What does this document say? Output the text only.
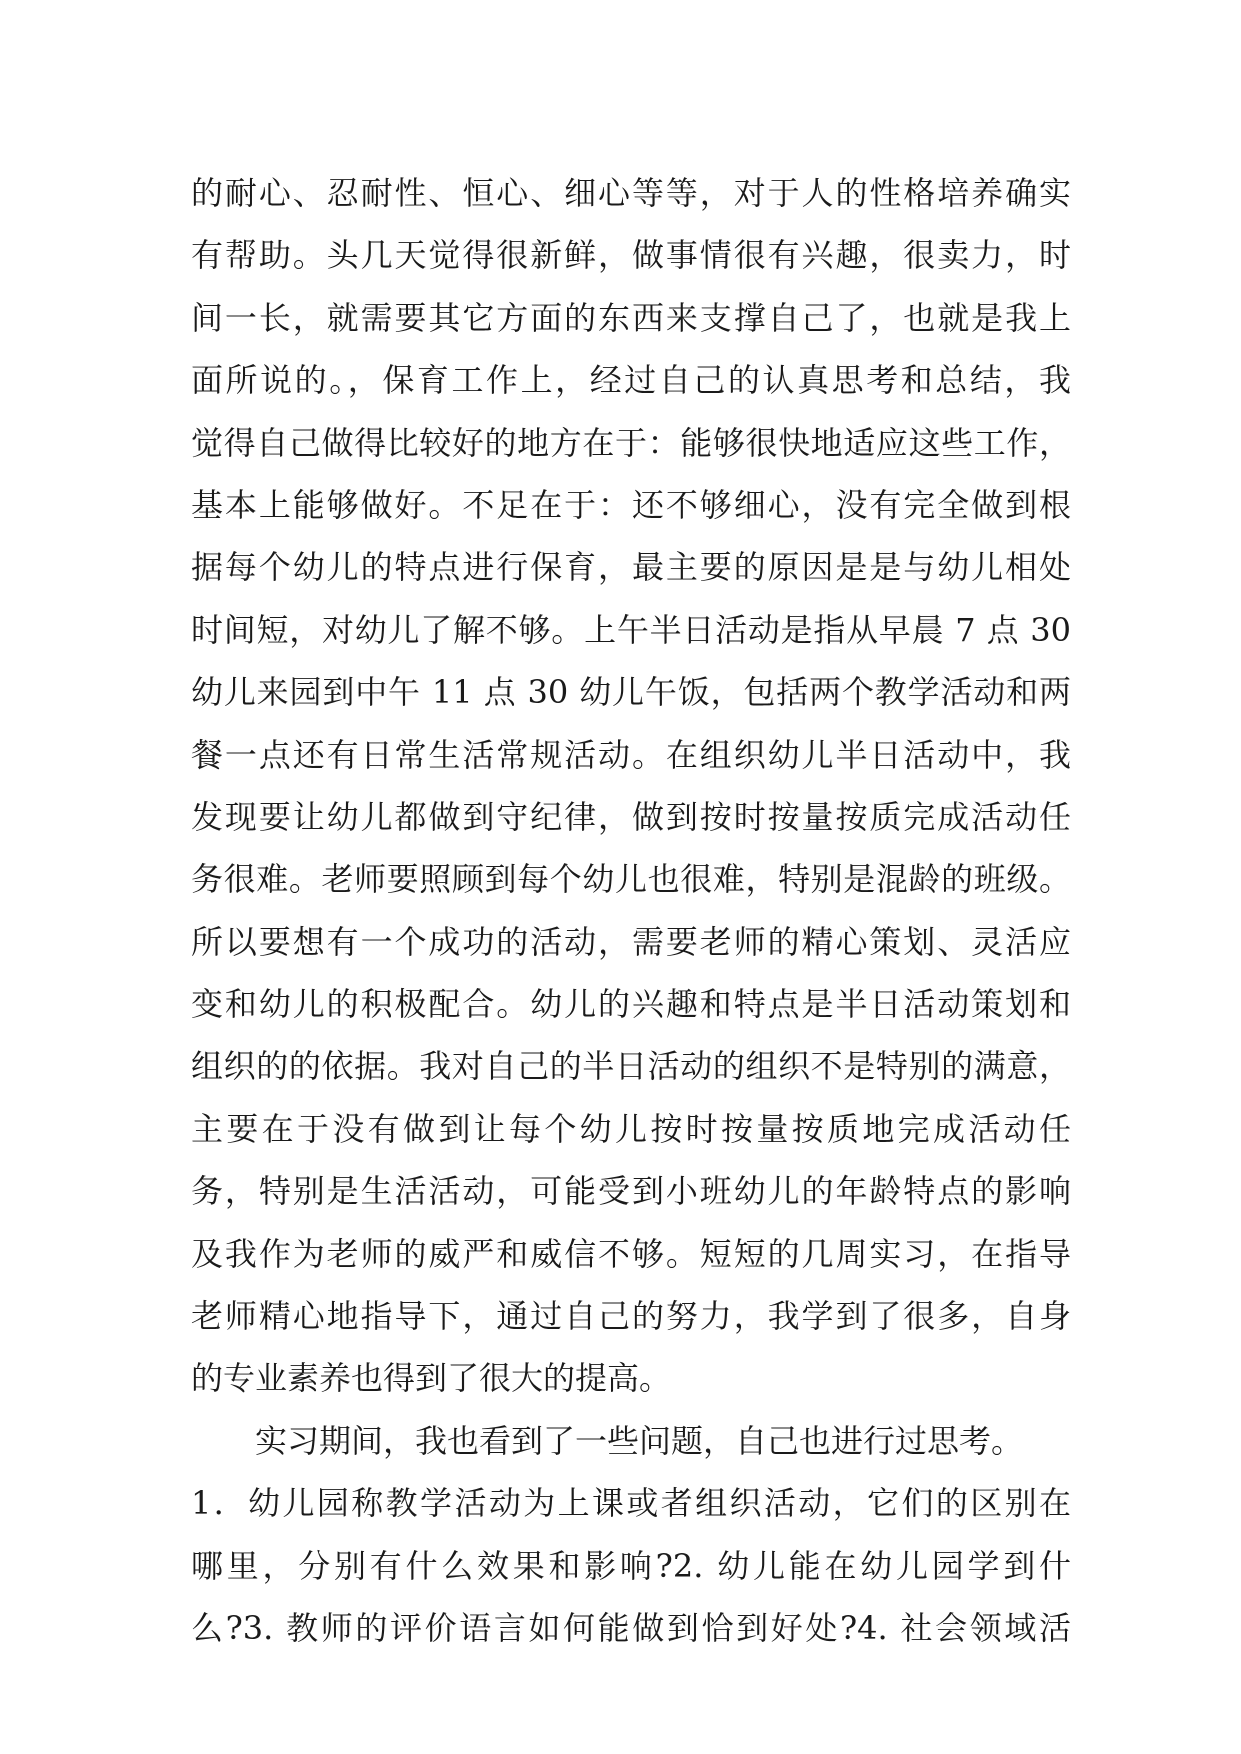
的耐心、忍耐性、恒心、细心等等，对于人的性格培养确实
有帮助。头几天觉得很新鲜，做事情很有兴趣，很卖力，时
间一长，就需要其它方面的东西来支撑自己了，也就是我上
面所说的。，保育工作上，经过自己的认真思考和总结，我
觉得自己做得比较好的地方在于：能够很快地适应这些工作，
基本上能够做好。不足在于：还不够细心，没有完全做到根
据每个幼儿的特点进行保育，最主要的原因是是与幼儿相处
时间短，对幼儿了解不够。上午半日活动是指从早晨 7 点 30
幼儿来园到中午 11 点 30 幼儿午饭，包括两个教学活动和两
餐一点还有日常生活常规活动。在组织幼儿半日活动中，我
发现要让幼儿都做到守纪律，做到按时按量按质完成活动任
务很难。老师要照顾到每个幼儿也很难，特别是混龄的班级。
所以要想有一个成功的活动，需要老师的精心策划、灵活应
变和幼儿的积极配合。幼儿的兴趣和特点是半日活动策划和
组织的的依据。我对自己的半日活动的组织不是特别的满意，
主要在于没有做到让每个幼儿按时按量按质地完成活动任
务，特别是生活活动，可能受到小班幼儿的年龄特点的影响
及我作为老师的威严和威信不够。短短的几周实习，在指导
老师精心地指导下，通过自己的努力，我学到了很多，自身
的专业素养也得到了很大的提高。
实习期间，我也看到了一些问题，自己也进行过思考。
1．幼儿园称教学活动为上课或者组织活动，它们的区别在
哪里，分别有什么效果和影响?2. 幼儿能在幼儿园学到什
么?3. 教师的评价语言如何能做到恰到好处?4. 社会领域活
